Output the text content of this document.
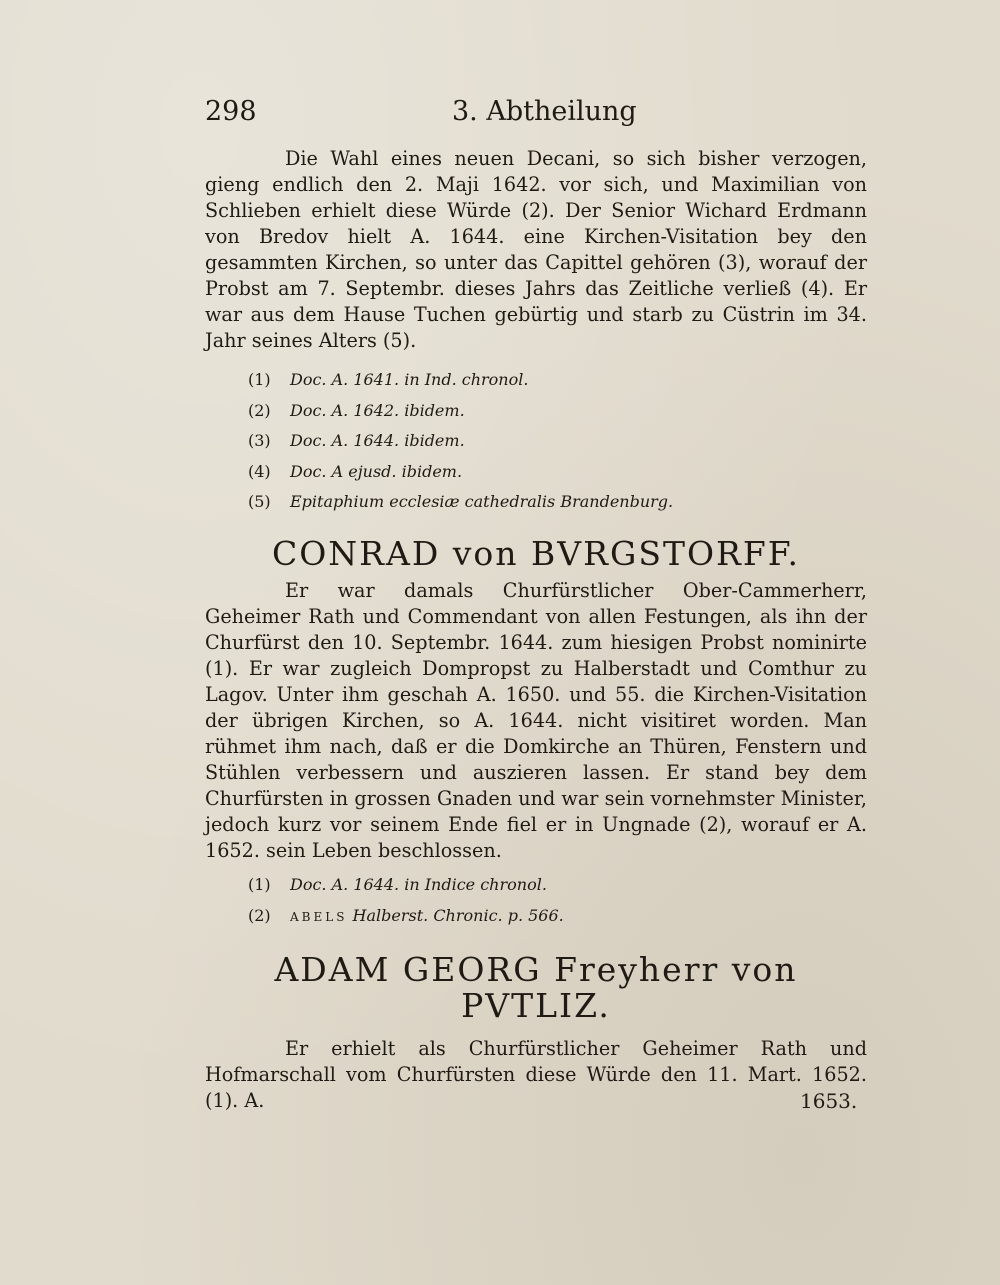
298	3. Abtheilung

Die Wahl eines neuen Decani, so sich bisher verzogen, gieng endlich den 2. Maji 1642. vor sich, und Maximilian von Schlieben erhielt diese Würde (2). Der Senior Wichard Erdmann von Bredov hielt A. 1644. eine Kirchen-Visitation bey den gesammten Kirchen, so unter das Capittel gehören (3), worauf der Probst am 7. Septembr. dieses Jahrs das Zeitliche verließ (4). Er war aus dem Hause Tuchen gebürtig und starb zu Cüstrin im 34. Jahr seines Alters (5).

(1) Doc. A. 1641. in Ind. chronol.
(2) Doc. A. 1642. ibidem.
(3) Doc. A. 1644. ibidem.
(4) Doc. A ejusd. ibidem.
(5) Epitaphium ecclesiæ cathedralis Brandenburg.
CONRAD von BVRGSTORFF.

Er war damals Churfürstlicher Ober-Cammerherr, Geheimer Rath und Commendant von allen Festungen, als ihn der Churfürst den 10. Septembr. 1644. zum hiesigen Probst nominirte (1). Er war zugleich Dompropst zu Halberstadt und Comthur zu Lagov. Unter ihm geschah A. 1650. und 55. die Kirchen-Visitation der übrigen Kirchen, so A. 1644. nicht visitiret worden. Man rühmet ihm nach, daß er die Domkirche an Thüren, Fenstern und Stühlen verbessern und auszieren lassen. Er stand bey dem Churfürsten in grossen Gnaden und war sein vornehmster Minister, jedoch kurz vor seinem Ende fiel er in Ungnade (2), worauf er A. 1652. sein Leben beschlossen.

(1) Doc. A. 1644. in Indice chronol.
(2) ABELS Halberst. Chronic. p. 566.
ADAM GEORG Freyherr von
PVTLIZ.

Er erhielt als Churfürstlicher Geheimer Rath und Hofmarschall vom Churfürsten diese Würde den 11. Mart. 1652. (1). A.	1653.
